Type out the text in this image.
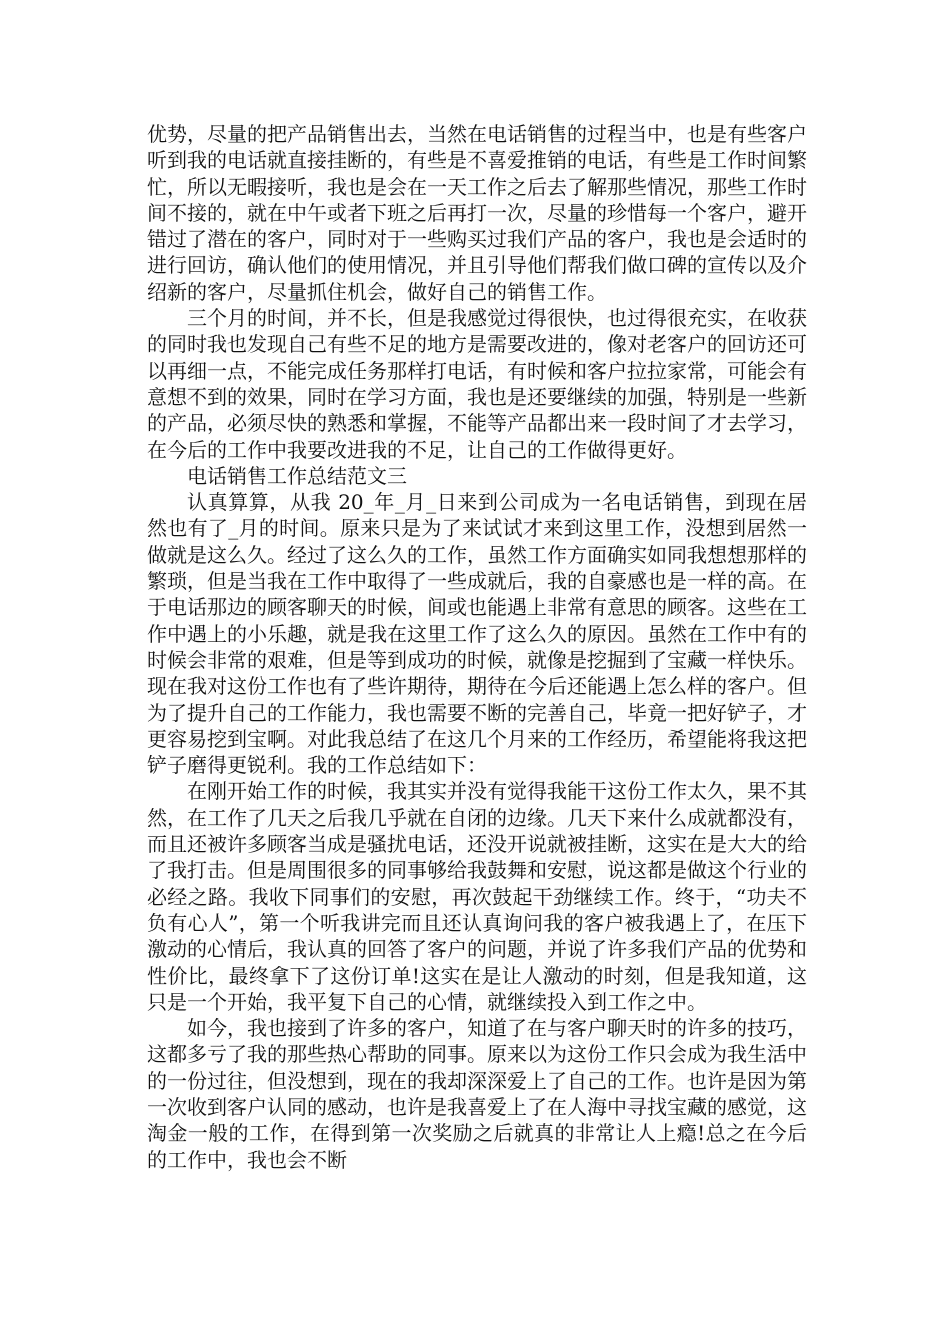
优势，尽量的把产品销售出去，当然在电话销售的过程当中，也是有些客户听到我的电话就直接挂断的，有些是不喜爱推销的电话，有些是工作时间繁忙，所以无暇接听，我也是会在一天工作之后去了解那些情况，那些工作时间不接的，就在中午或者下班之后再打一次，尽量的珍惜每一个客户，避开错过了潜在的客户，同时对于一些购买过我们产品的客户，我也是会适时的进行回访，确认他们的使用情况，并且引导他们帮我们做口碑的宣传以及介绍新的客户，尽量抓住机会，做好自己的销售工作。

三个月的时间，并不长，但是我感觉过得很快，也过得很充实，在收获的同时我也发现自己有些不足的地方是需要改进的，像对老客户的回访还可以再细一点，不能完成任务那样打电话，有时候和客户拉拉家常，可能会有意想不到的效果，同时在学习方面，我也是还要继续的加强，特别是一些新的产品，必须尽快的熟悉和掌握，不能等产品都出来一段时间了才去学习，在今后的工作中我要改进我的不足，让自己的工作做得更好。

电话销售工作总结范文三

认真算算，从我 20_年_月_日来到公司成为一名电话销售，到现在居然也有了_月的时间。原来只是为了来试试才来到这里工作，没想到居然一做就是这么久。经过了这么久的工作，虽然工作方面确实如同我想想那样的繁琐，但是当我在工作中取得了一些成就后，我的自豪感也是一样的高。在于电话那边的顾客聊天的时候，间或也能遇上非常有意思的顾客。这些在工作中遇上的小乐趣，就是我在这里工作了这么久的原因。虽然在工作中有的时候会非常的艰难，但是等到成功的时候，就像是挖掘到了宝藏一样快乐。现在我对这份工作也有了些许期待，期待在今后还能遇上怎么样的客户。但为了提升自己的工作能力，我也需要不断的完善自己，毕竟一把好铲子，才更容易挖到宝啊。对此我总结了在这几个月来的工作经历，希望能将我这把铲子磨得更锐利。我的工作总结如下：

在刚开始工作的时候，我其实并没有觉得我能干这份工作太久，果不其然，在工作了几天之后我几乎就在自闭的边缘。几天下来什么成就都没有，而且还被许多顾客当成是骚扰电话，还没开说就被挂断，这实在是大大的给了我打击。但是周围很多的同事够给我鼓舞和安慰，说这都是做这个行业的必经之路。我收下同事们的安慰，再次鼓起干劲继续工作。终于，“功夫不负有心人”，第一个听我讲完而且还认真询问我的客户被我遇上了，在压下激动的心情后，我认真的回答了客户的问题，并说了许多我们产品的优势和性价比，最终拿下了这份订单!这实在是让人激动的时刻，但是我知道，这只是一个开始，我平复下自己的心情，就继续投入到工作之中。

如今，我也接到了许多的客户，知道了在与客户聊天时的许多的技巧，这都多亏了我的那些热心帮助的同事。原来以为这份工作只会成为我生活中的一份过往，但没想到，现在的我却深深爱上了自己的工作。也许是因为第一次收到客户认同的感动，也许是我喜爱上了在人海中寻找宝藏的感觉，这淘金一般的工作，在得到第一次奖励之后就真的非常让人上瘾!总之在今后的工作中，我也会不断
